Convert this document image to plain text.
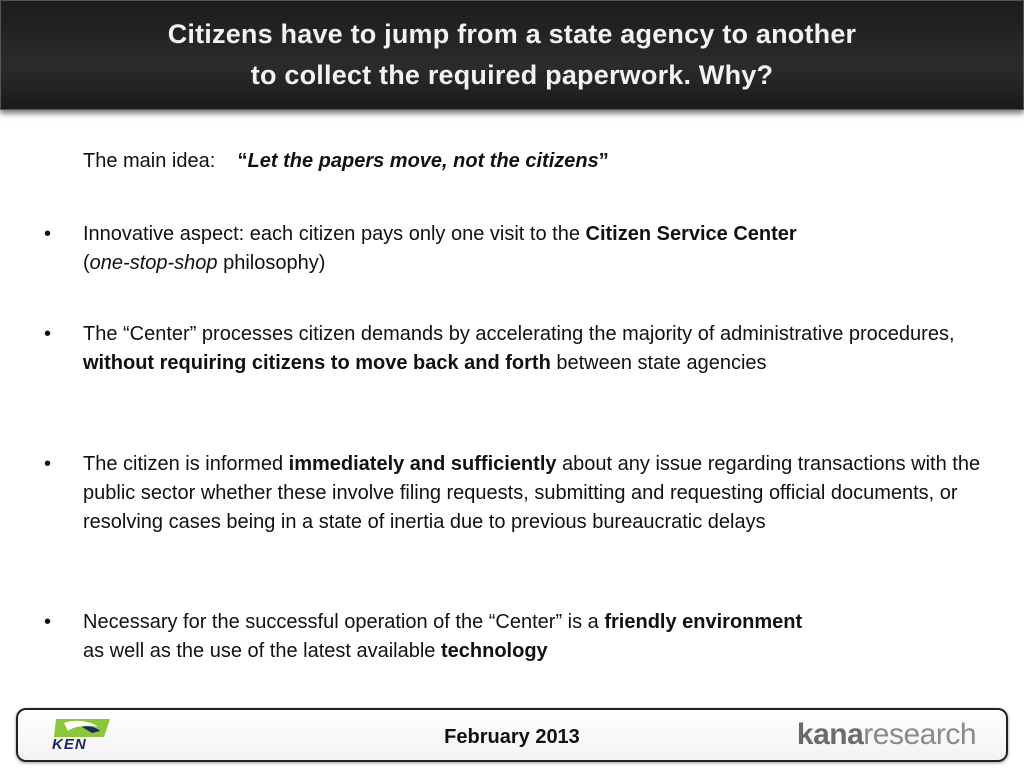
Citizens have to jump from a state agency to another
to collect the required paperwork. Why?
The main idea: “Let the papers move, not the citizens”
• Innovative aspect: each citizen pays only one visit to the Citizen Service Center
(one-stop-shop philosophy)
• The “Center” processes citizen demands by accelerating the majority of administrative procedures, without requiring citizens to move back and forth between state agencies
• The citizen is informed immediately and sufficiently about any issue regarding transactions with the public sector whether these involve filing requests, submitting and requesting official documents, or resolving cases being in a state of inertia due to previous bureaucratic delays
• Necessary for the successful operation of the “Center” is a friendly environment
as well as the use of the latest available technology
KEN	February 2013	kanaresearch
